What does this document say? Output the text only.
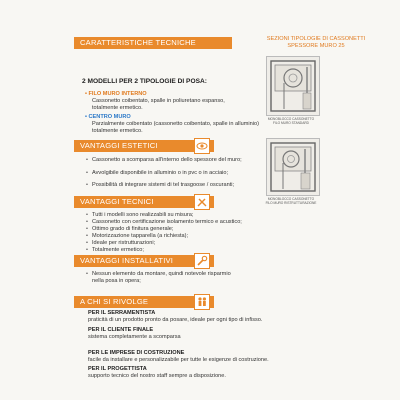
CARATTERISTICHE TECNICHE
2 MODELLI PER 2 TIPOLOGIE DI POSA:
• FILO MURO INTERNO
Cassonetto coibentato, spalle in poliuretano espanso,
totalmente ermetico.
• CENTRO MURO
Parzialmente coibentato (cassonetto coibentato, spalle in alluminio)
totalmente ermetico.
SEZIONI TIPOLOGIE DI CASSONETTI
SPESSORE MURO 25
MONOBLOCCO CASSONETTO
FILO MURO STANDARD
MONOBLOCCO CASSONETTO
FILO MURO RISTRUTTURAZIONE
VANTAGGI ESTETICI
• Cassonetto a scomparsa all'interno dello spessore del muro;
• Avvolgibile disponibile in alluminio o in pvc o in acciaio;
• Possibilità di integrare sistemi di tel trasgoose / oscuranti;
VANTAGGI TECNICI
• Tutti i modelli sono realizzabili su misura;
• Cassonetto con certificazione isolamento termico e acustico;
• Ottimo grado di finitura generale;
• Motorizzazione tapparella (a richiesta);
• Ideale per ristrutturazioni;
• Totalmente ermetico;
VANTAGGI INSTALLATIVI
• Nessun elemento da montare, quindi notevole risparmio
nella posa in opera;
A CHI SI RIVOLGE
PER IL SERRAMENTISTA
praticità di un prodotto pronto da posare, ideale per ogni tipo di infisso.
PER IL CLIENTE FINALE
sistema completamente a scomparsa
PER LE IMPRESE DI COSTRUZIONE
facile da installare e personalizzabile per tutte le esigenze di costruzione.
PER IL PROGETTISTA
supporto tecnico del nostro staff sempre a disposizione.
